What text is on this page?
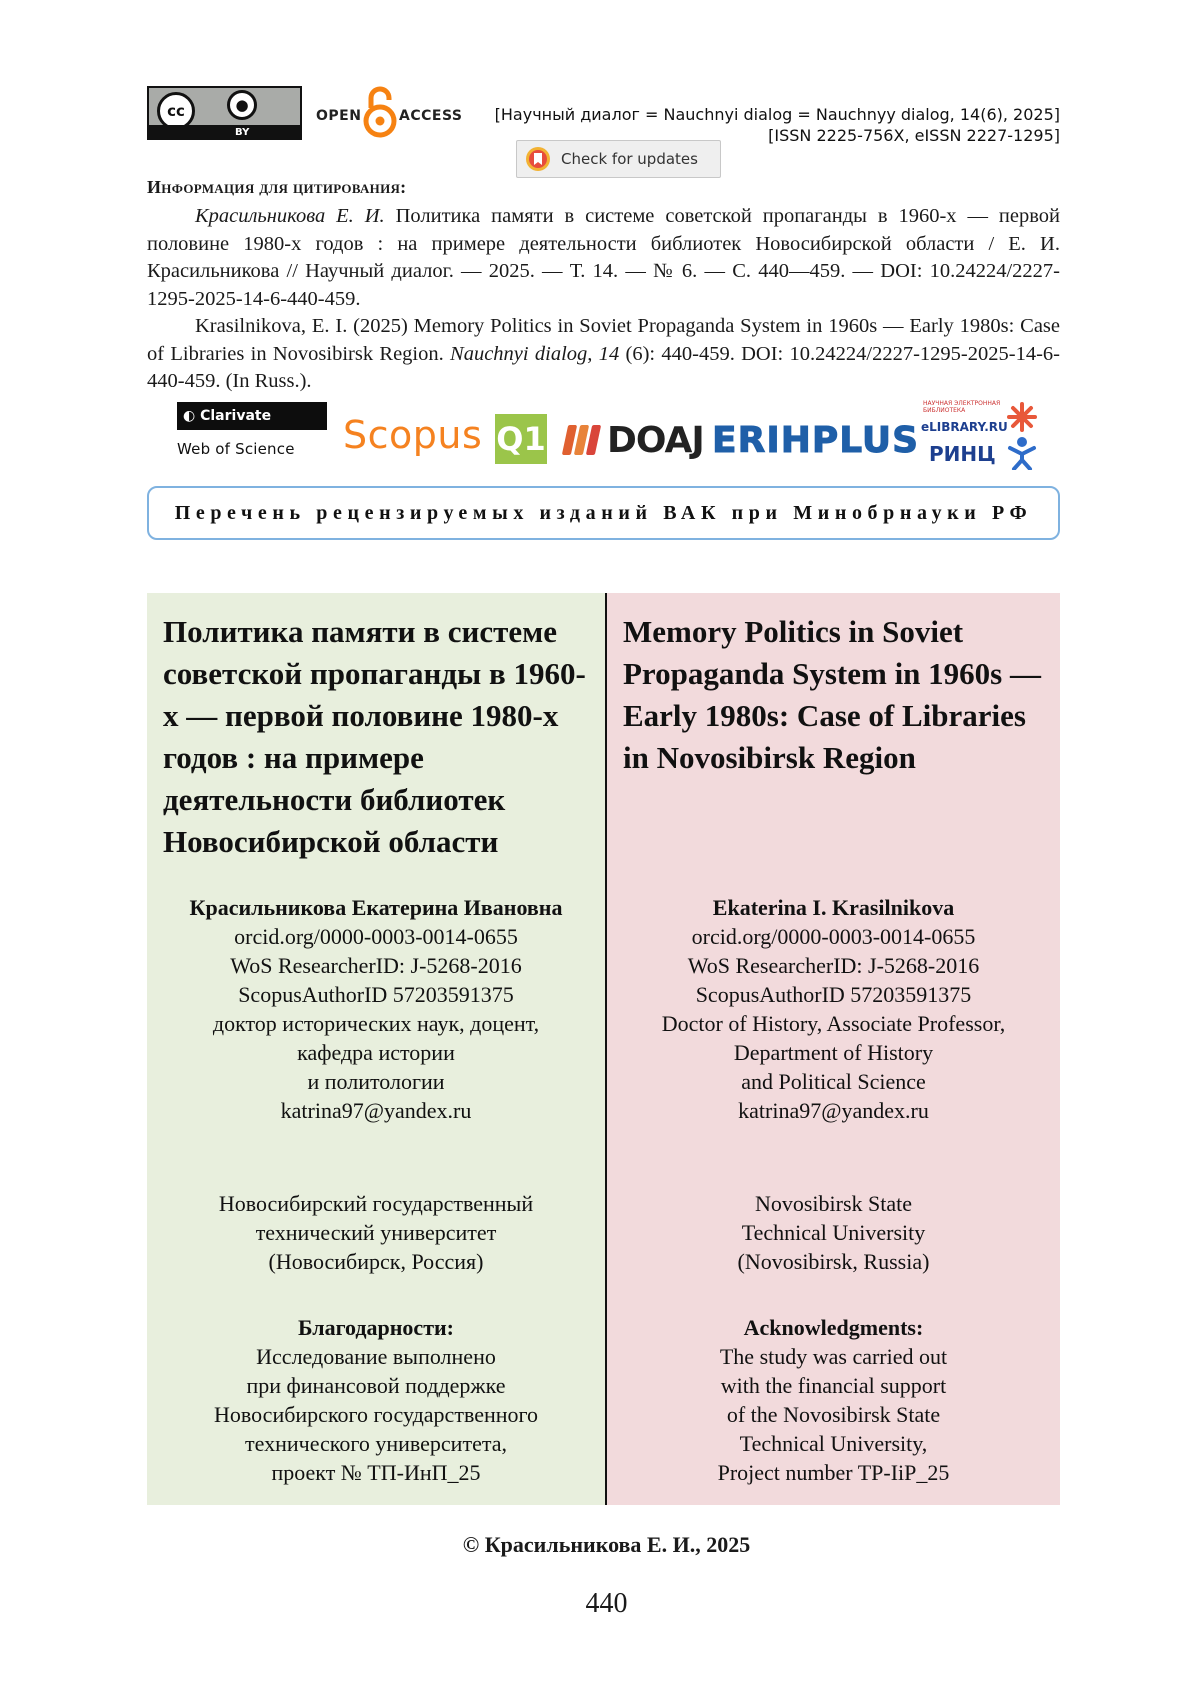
cc	●
BY
OPEN	ACCESS	[Научный диалог = Nauchnyi dialog = Nauchnyy dialog, 14(6), 2025]
[ISSN 2225-756X, eISSN 2227-1295]
Check for updates
Информация для цитирования:

Красильникова Е. И. Политика памяти в системе советской пропаганды в 1960-х — первой половине 1980-х годов : на примере деятельности библиотек Новосибирской области / Е. И. Красильникова // Научный диалог. — 2025. — Т. 14. — № 6. — С. 440—459. — DOI: 10.24224/2227-1295-2025-14-6-440-459.

Krasilnikova, E. I. (2025) Memory Politics in Soviet Propaganda System in 1960s — Early 1980s: Case of Libraries in Novosibirsk Region. Nauchnyi dialog, 14 (6): 440-459. DOI: 10.24224/2227-1295-2025-14-6-440-459. (In Russ.).

◐ Clarivate
Web of Science	Scopus Q1 DOAJ ERIHPLUS
НАУЧНАЯ ЭЛЕКТРОННАЯ БИБЛИОТЕКА
eLIBRARY.RU
РИНЦ
Перечень рецензируемых изданий ВАК при Минобрнауки РФ
Политика памяти в системе советской пропаганды в 1960-х — первой половине 1980-х годов : на примере деятельности библиотек Новосибирской области
Красильникова Екатерина Ивановна
orcid.org/0000-0003-0014-0655
WoS ResearcherID: J-5268-2016
ScopusAuthorID 57203591375
доктор исторических наук, доцент,
кафедра истории
и политологии
katrina97@yandex.ru
Новосибирский государственный
технический университет
(Новосибирск, Россия)
Благодарности:
Исследование выполнено
при финансовой поддержке
Новосибирского государственного
технического университета,
проект № ТП-ИнП_25
Memory Politics in Soviet Propaganda System in 1960s — Early 1980s: Case of Libraries in Novosibirsk Region
Ekaterina I. Krasilnikova
orcid.org/0000-0003-0014-0655
WoS ResearcherID: J-5268-2016
ScopusAuthorID 57203591375
Doctor of History, Associate Professor,
Department of History
and Political Science
katrina97@yandex.ru
Novosibirsk State
Technical University
(Novosibirsk, Russia)
Acknowledgments:
The study was carried out
with the financial support
of the Novosibirsk State
Technical University,
Project number TP-IiP_25
© Красильникова Е. И., 2025
440
